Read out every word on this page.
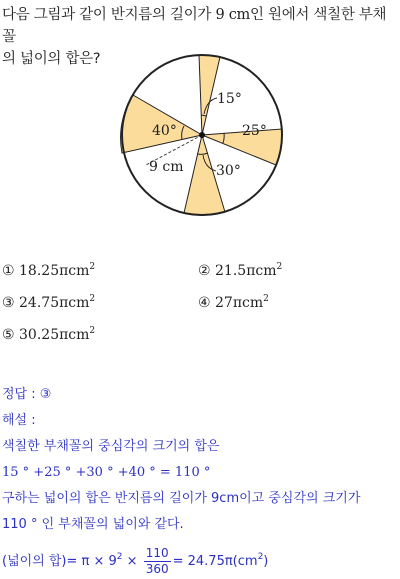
다음 그림과 같이 반지름의 길이가 9 cm인 원에서 색칠한 부채꼴
의 넓이의 합은?
15°
40°	25°
30°
9 cm
① 18.25πcm$^2$	② 21.5πcm$^2$
③ 24.75πcm$^2$	④ 27πcm$^2$
⑤ 30.25πcm$^2$
정답 : ③
해설 :
색칠한 부채꼴의 중심각의 크기의 합은
15 ° +25 ° +30 ° +40 ° = 110 °
구하는 넓이의 합은 반지름의 길이가 9cm이고 중심각의 크기가
110 ° 인 부채꼴의 넓이와 같다.
(넓이의 합)= $\pi \times 9^2 \times \frac{110}{360} = 24.75\pi(cm^2)$
